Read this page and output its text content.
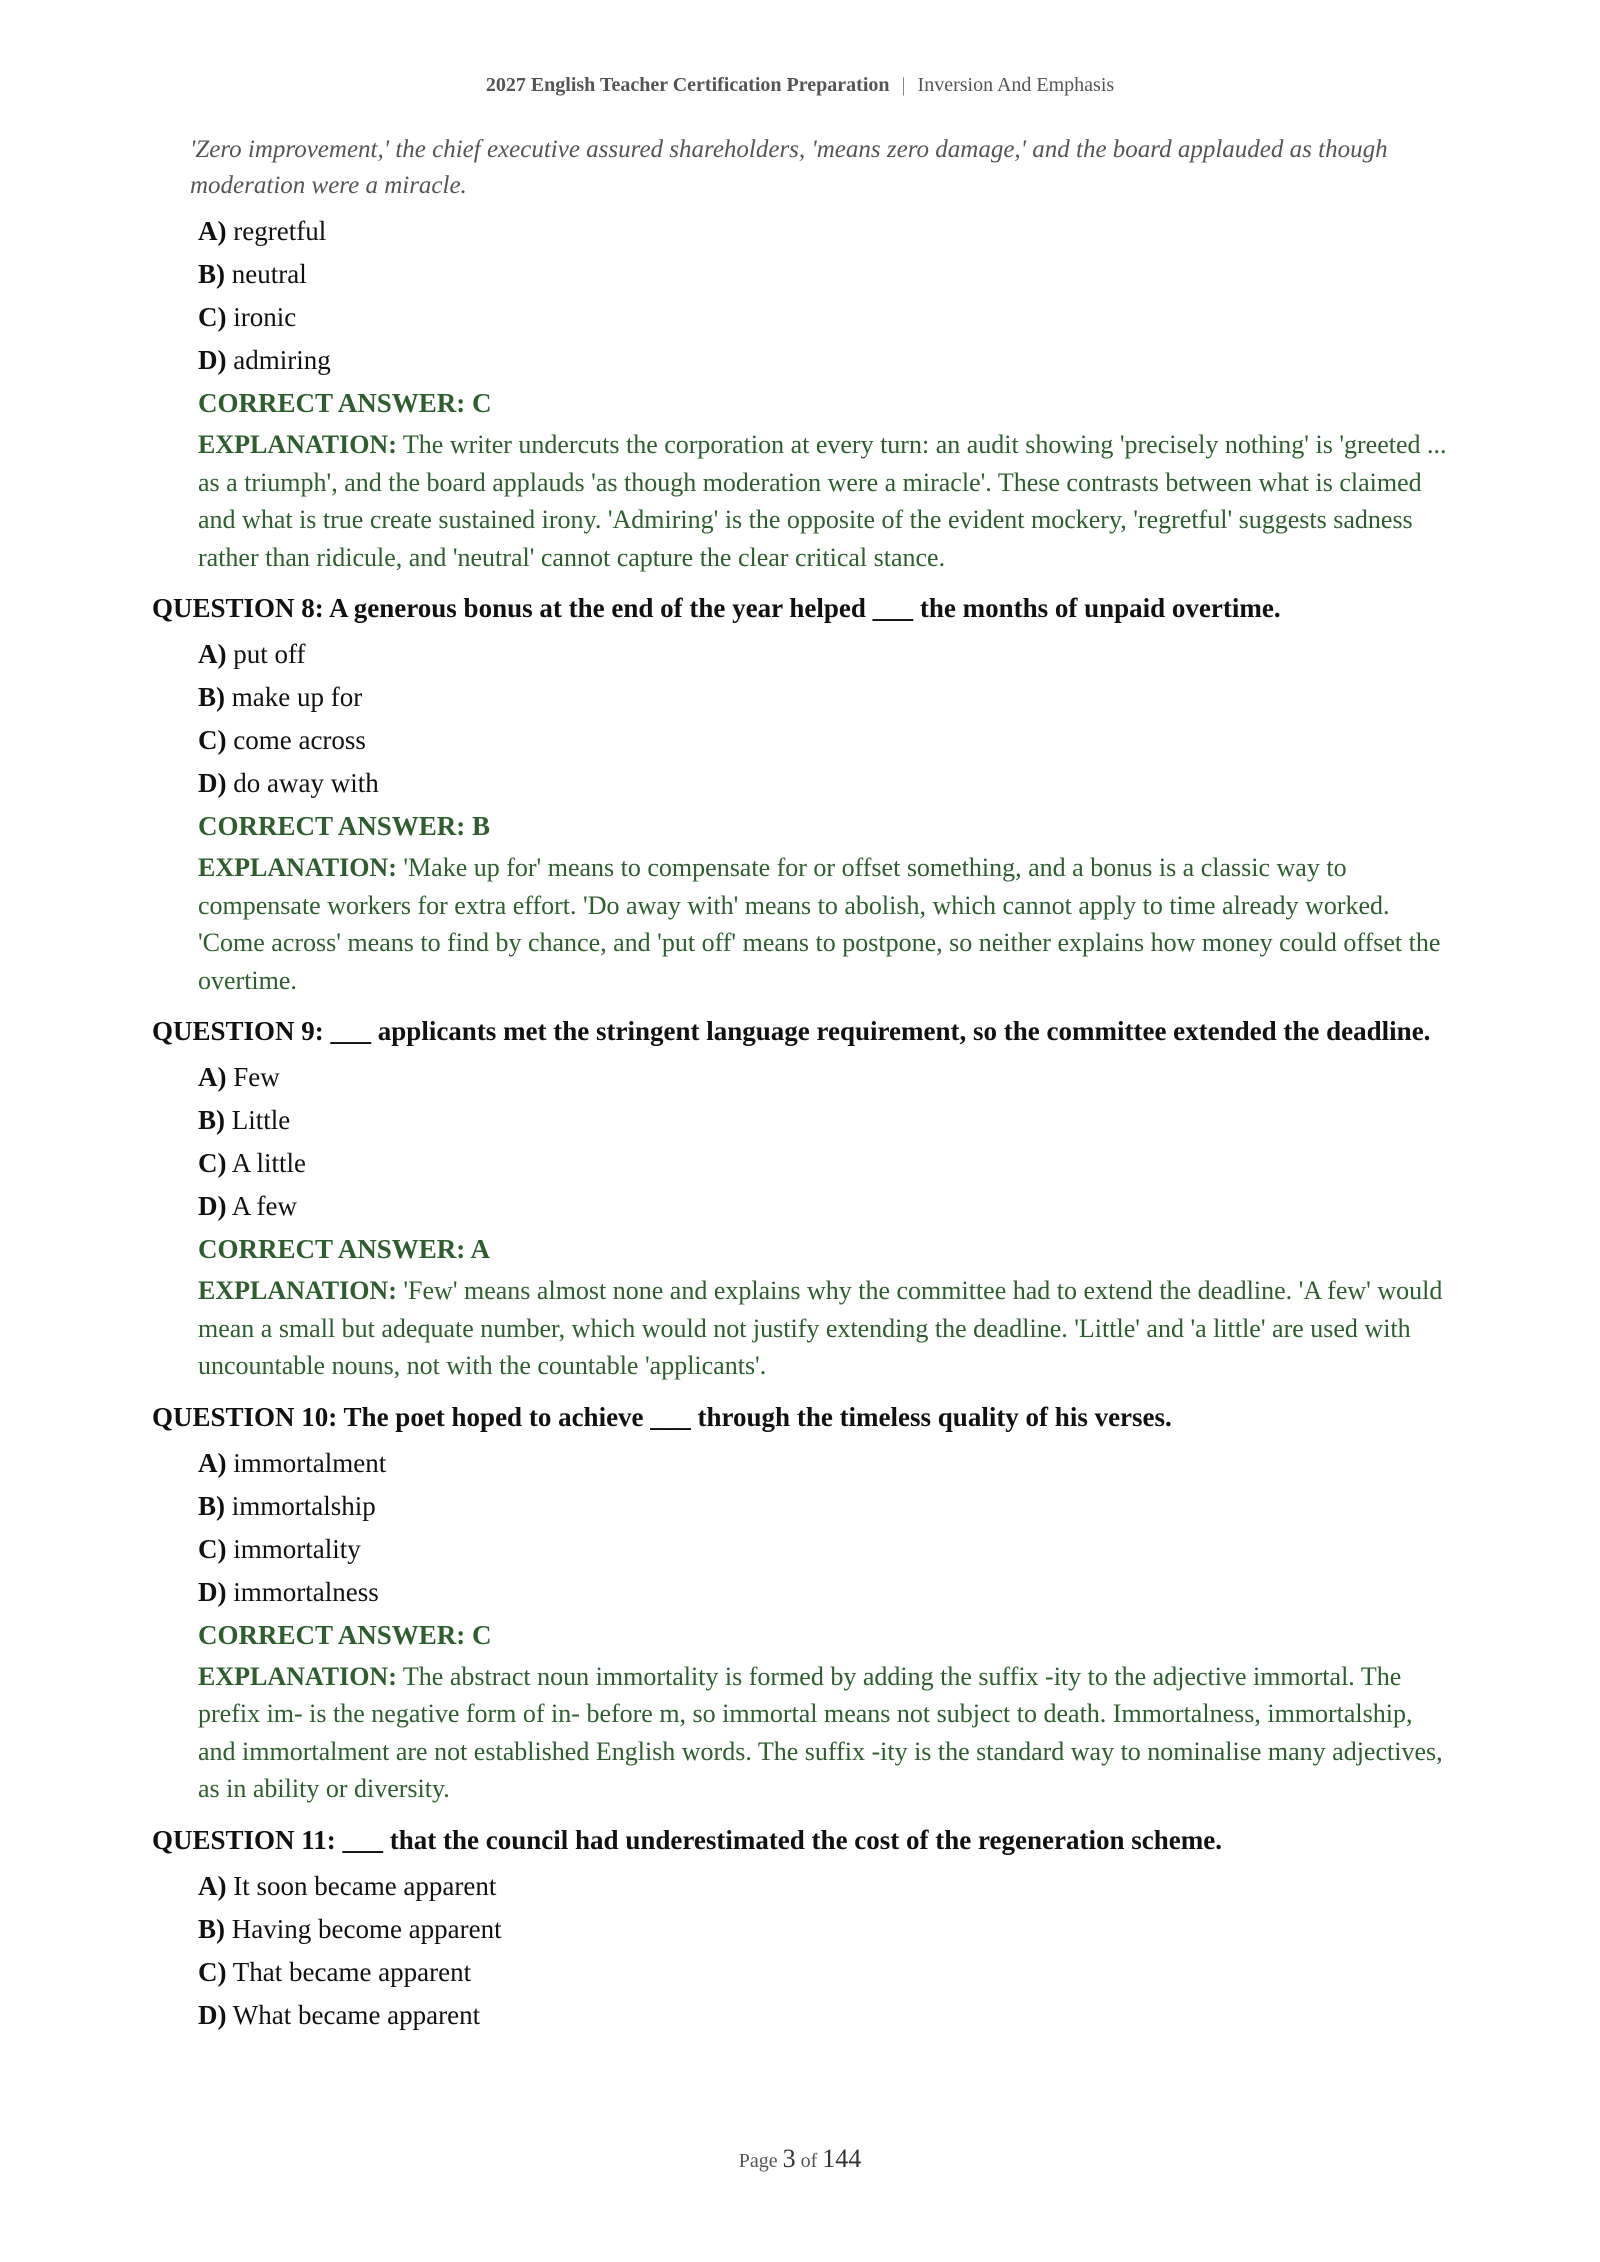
2027 English Teacher Certification Preparation | Inversion And Emphasis
'Zero improvement,' the chief executive assured shareholders, 'means zero damage,' and the board applauded as though moderation were a miracle.
A) regretful
B) neutral
C) ironic
D) admiring
CORRECT ANSWER: C
EXPLANATION: The writer undercuts the corporation at every turn: an audit showing 'precisely nothing' is 'greeted ... as a triumph', and the board applauds 'as though moderation were a miracle'. These contrasts between what is claimed and what is true create sustained irony. 'Admiring' is the opposite of the evident mockery, 'regretful' suggests sadness rather than ridicule, and 'neutral' cannot capture the clear critical stance.
QUESTION 8: A generous bonus at the end of the year helped ___ the months of unpaid overtime.
A) put off
B) make up for
C) come across
D) do away with
CORRECT ANSWER: B
EXPLANATION: 'Make up for' means to compensate for or offset something, and a bonus is a classic way to compensate workers for extra effort. 'Do away with' means to abolish, which cannot apply to time already worked. 'Come across' means to find by chance, and 'put off' means to postpone, so neither explains how money could offset the overtime.
QUESTION 9: ___ applicants met the stringent language requirement, so the committee extended the deadline.
A) Few
B) Little
C) A little
D) A few
CORRECT ANSWER: A
EXPLANATION: 'Few' means almost none and explains why the committee had to extend the deadline. 'A few' would mean a small but adequate number, which would not justify extending the deadline. 'Little' and 'a little' are used with uncountable nouns, not with the countable 'applicants'.
QUESTION 10: The poet hoped to achieve ___ through the timeless quality of his verses.
A) immortalment
B) immortalship
C) immortality
D) immortalness
CORRECT ANSWER: C
EXPLANATION: The abstract noun immortality is formed by adding the suffix -ity to the adjective immortal. The prefix im- is the negative form of in- before m, so immortal means not subject to death. Immortalness, immortalship, and immortalment are not established English words. The suffix -ity is the standard way to nominalise many adjectives, as in ability or diversity.
QUESTION 11: ___ that the council had underestimated the cost of the regeneration scheme.
A) It soon became apparent
B) Having become apparent
C) That became apparent
D) What became apparent
Page 3 of 144
